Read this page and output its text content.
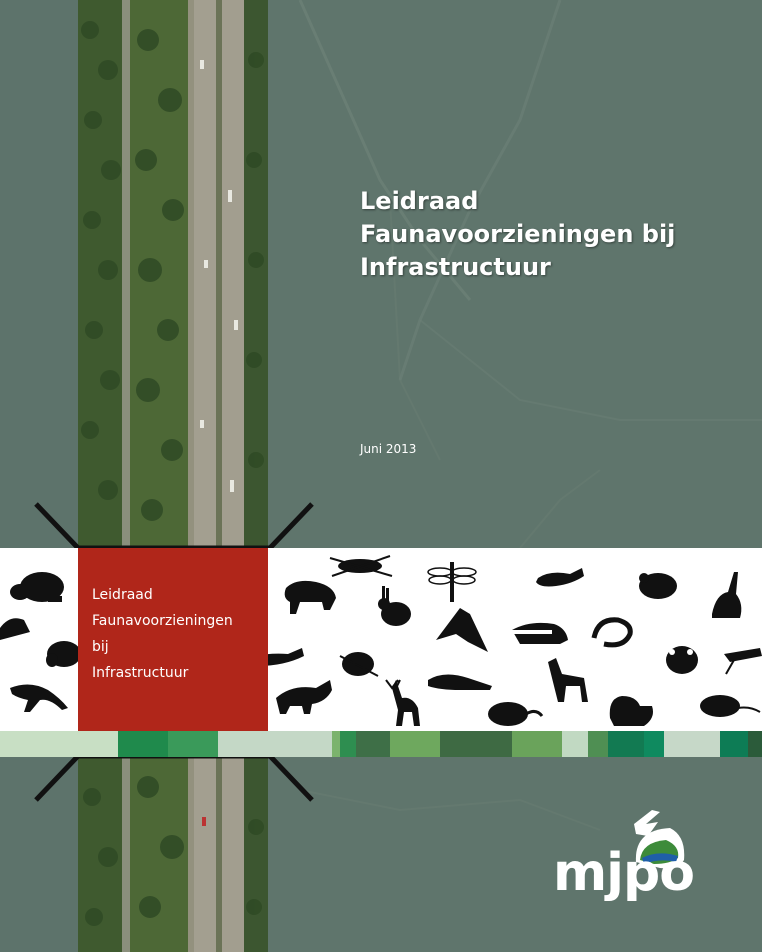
Leidraad
Faunavoorzieningen bij
Infrastructuur
Juni 2013
Leidraad
Faunavoorzieningen
bij
Infrastructuur
mjpo
